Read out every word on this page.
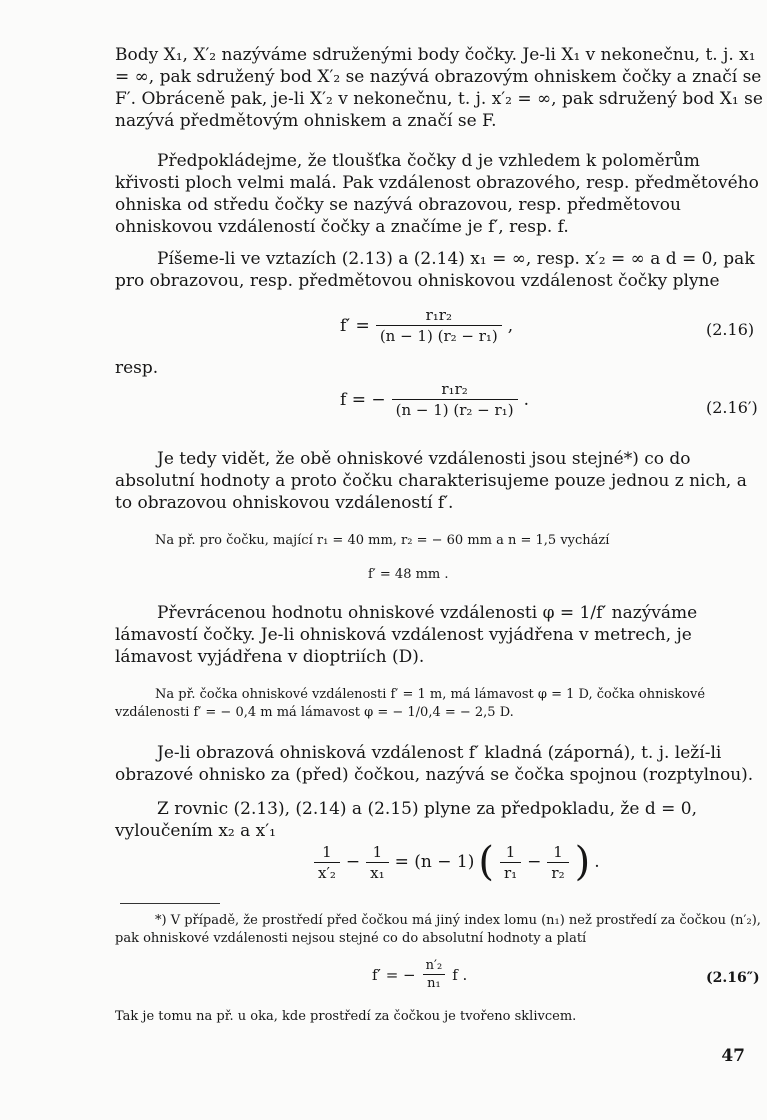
Body X₁, X′₂ nazýváme sdruženými body čočky. Je-li X₁ v nekonečnu, t. j. x₁ = ∞, pak sdružený bod X′₂ se nazývá obrazovým ohniskem čočky a značí se F′. Obráceně pak, je-li X′₂ v nekonečnu, t. j. x′₂ = ∞, pak sdružený bod X₁ se nazývá předmětovým ohniskem a značí se F.

Předpokládejme, že tloušťka čočky d je vzhledem k poloměrům křivosti ploch velmi malá. Pak vzdálenost obrazového, resp. předmětového ohniska od středu čočky se nazývá obrazovou, resp. předmětovou ohniskovou vzdáleností čočky a značíme je f′, resp. f.

Píšeme-li ve vztazích (2.13) a (2.14) x₁ = ∞, resp. x′₂ = ∞ a d = 0, pak pro obrazovou, resp. předmětovou ohniskovou vzdálenost čočky plyne

$f' = \frac{\text{r₁r₂}}{\text{(n − 1) (r₂ − r₁)}}$ ,	(2.16)
resp.
f = − $\frac{\text{r₁r₂}}{\text{(n − 1) (r₂ − r₁)}}$ .	(2.16′)

Je tedy vidět, že obě ohniskové vzdálenosti jsou stejné*) co do absolutní hodnoty a proto čočku charakterisujeme pouze jednou z nich, a to obrazovou ohniskovou vzdáleností f′.

Na př. pro čočku, mající r₁ = 40 mm, r₂ = − 60 mm a n = 1,5 vychází

f′ = 48 mm .

Převrácenou hodnotu ohniskové vzdálenosti φ = 1/f′ nazýváme lámavostí čočky. Je-li ohnisková vzdálenost vyjádřena v metrech, je lámavost vyjádřena v dioptriích (D).

Na př. čočka ohniskové vzdálenosti f′ = 1 m, má lámavost φ = 1 D, čočka ohniskové vzdálenosti f′ = − 0,4 m má lámavost φ = − 1/0,4 = − 2,5 D.

Je-li obrazová ohnisková vzdálenost f′ kladná (záporná), t. j. leží-li obrazové ohnisko za (před) čočkou, nazývá se čočka spojnou (rozptylnou).

Z rovnic (2.13), (2.14) a (2.15) plyne za předpokladu, že d = 0, vyloučením x₂ a x′₁

$\frac{1}{\text{x′₂}} - \frac{1}{\text{x₁}} = (n - 1)$ ( $\frac{1}{\text{r₁}} - \frac{1}{\text{r₂}}$ ) .

*) V případě, že prostředí před čočkou má jiný index lomu (n₁) než prostředí za čočkou (n′₂), pak ohniskové vzdálenosti nejsou stejné co do absolutní hodnoty a platí

f′ = − $\frac{\text{n′₂}}{\text{n₁}}$ f .	(2.16″)

Tak je tomu na př. u oka, kde prostředí za čočkou je tvořeno sklivcem.

47
